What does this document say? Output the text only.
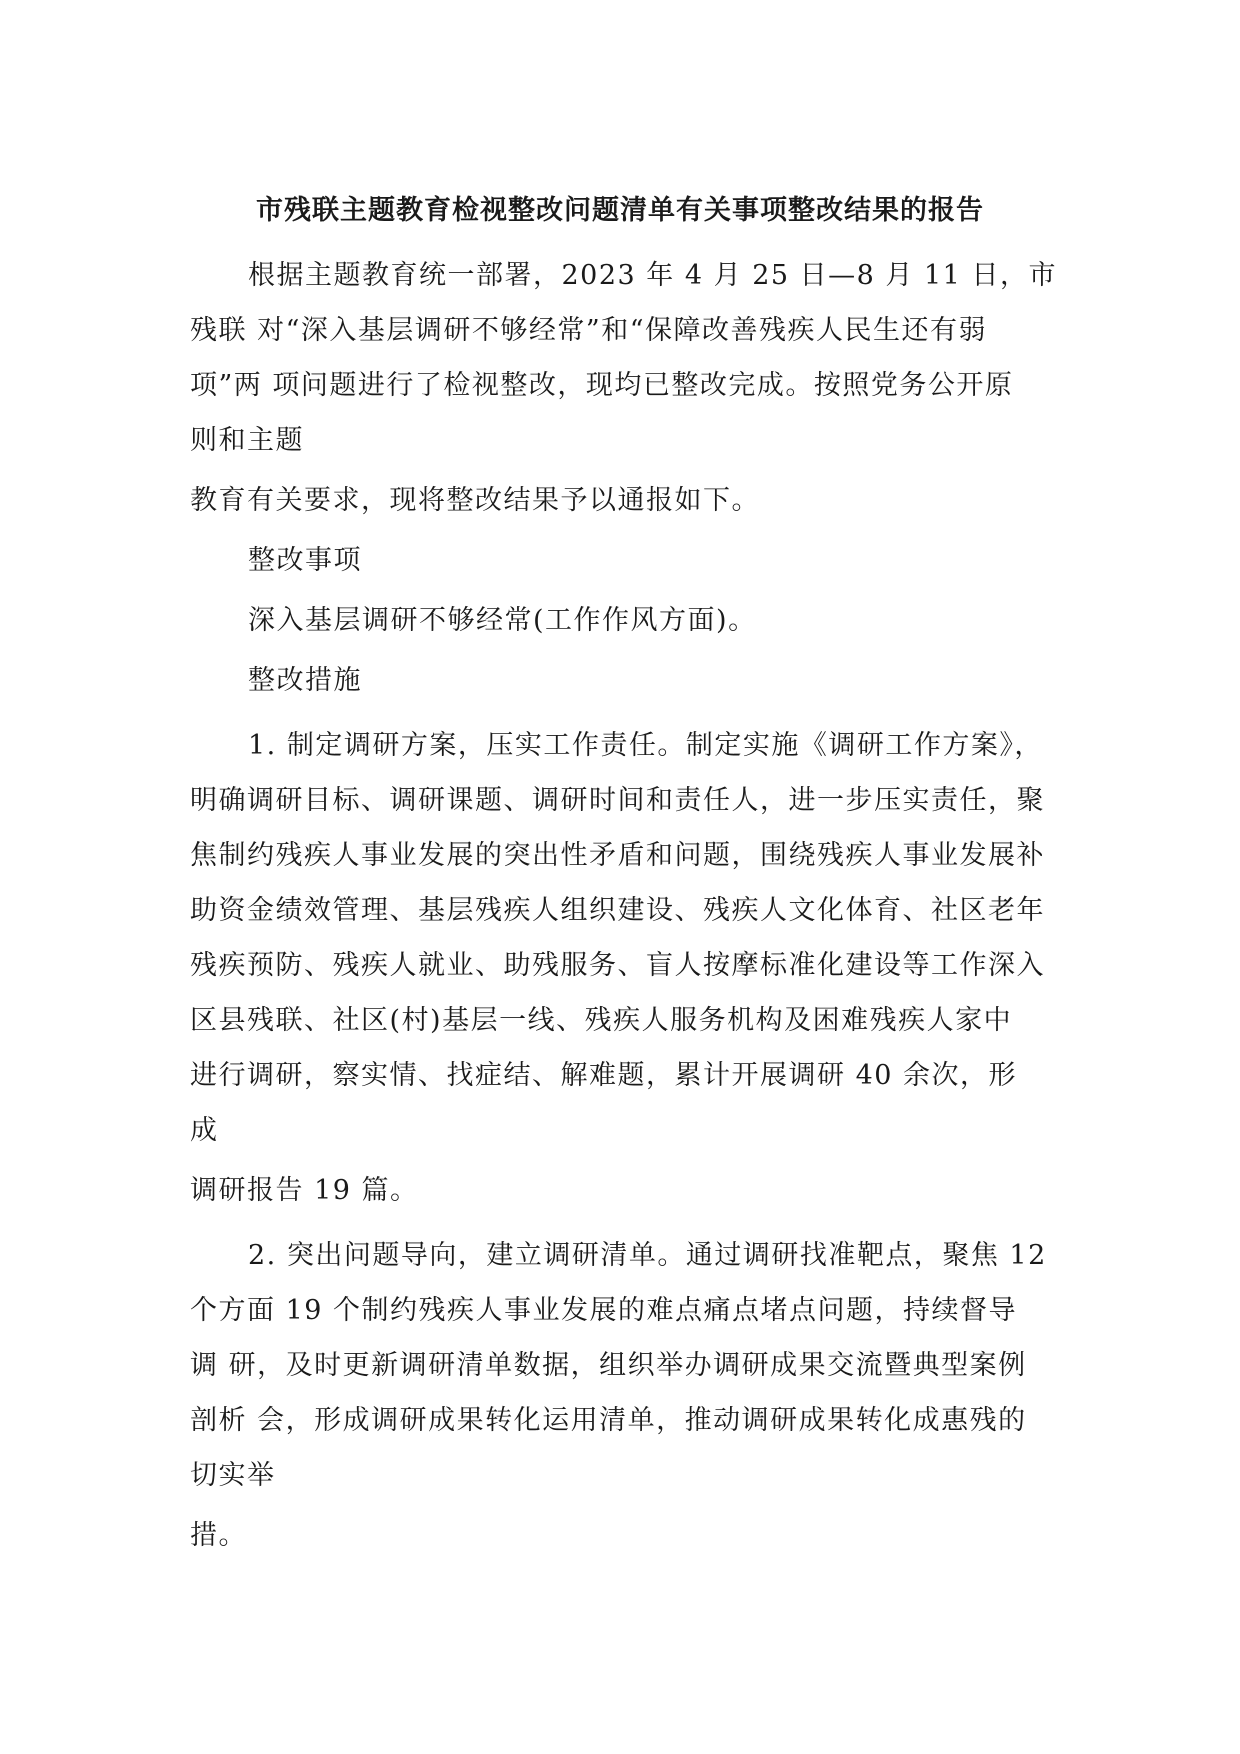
市残联主题教育检视整改问题清单有关事项整改结果的报告
根据主题教育统一部署，2023 年 4 月 25 日—8 月 11 日，市
残联 对“深入基层调研不够经常”和“保障改善残疾人民生还有弱
项”两 项问题进行了检视整改，现均已整改完成。按照党务公开原
则和主题
教育有关要求，现将整改结果予以通报如下。
整改事项
深入基层调研不够经常(工作作风方面)。
整改措施
1. 制定调研方案，压实工作责任。制定实施《调研工作方案》，
明确调研目标、调研课题、调研时间和责任人，进一步压实责任，聚
焦制约残疾人事业发展的突出性矛盾和问题，围绕残疾人事业发展补
助资金绩效管理、基层残疾人组织建设、残疾人文化体育、社区老年
残疾预防、残疾人就业、助残服务、盲人按摩标准化建设等工作深入
区县残联、社区(村)基层一线、残疾人服务机构及困难残疾人家中
进行调研，察实情、找症结、解难题，累计开展调研 40 余次，形
成
调研报告 19 篇。
2. 突出问题导向，建立调研清单。通过调研找准靶点，聚焦 12
个方面 19 个制约残疾人事业发展的难点痛点堵点问题，持续督导
调 研，及时更新调研清单数据，组织举办调研成果交流暨典型案例
剖析 会，形成调研成果转化运用清单，推动调研成果转化成惠残的
切实举
措。
